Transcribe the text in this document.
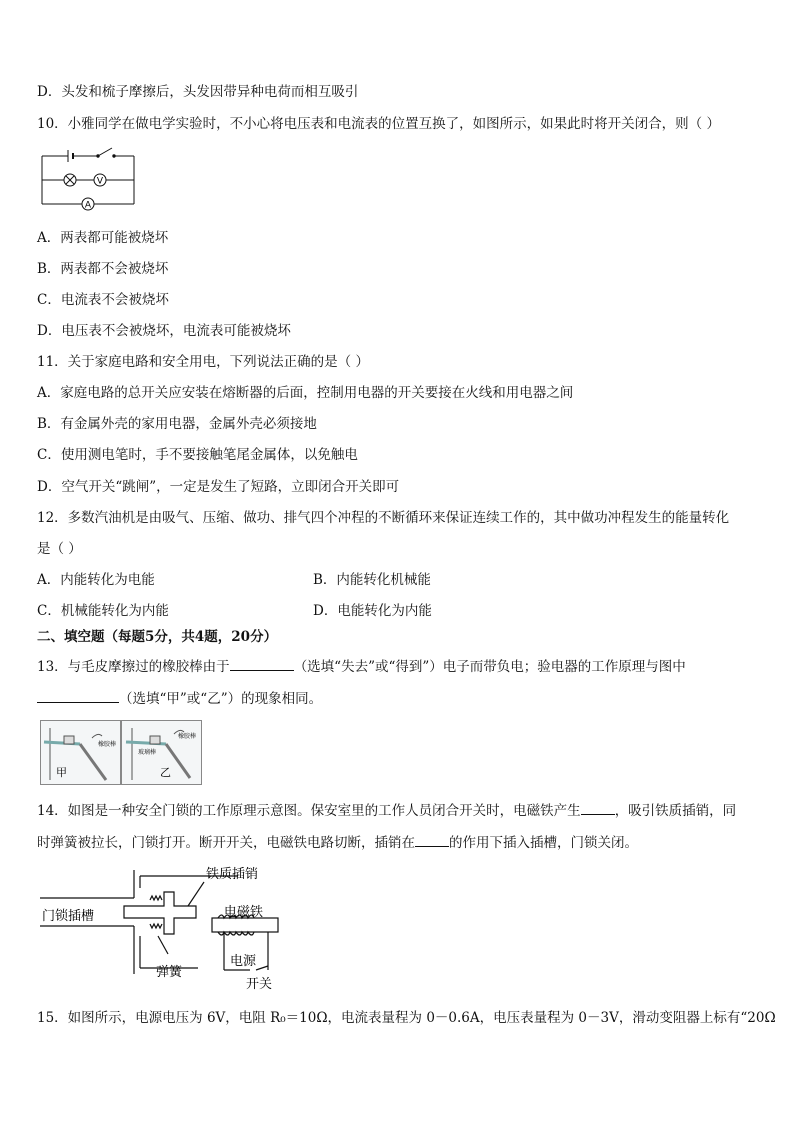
D．头发和梳子摩擦后，头发因带异种电荷而相互吸引
10．小雅同学在做电学实验时，不小心将电压表和电流表的位置互换了，如图所示，如果此时将开关闭合，则（ ）
V
A
A．两表都可能被烧坏
B．两表都不会被烧坏
C．电流表不会被烧坏
D．电压表不会被烧坏，电流表可能被烧坏
11．关于家庭电路和安全用电，下列说法正确的是（ ）
A．家庭电路的总开关应安装在熔断器的后面，控制用电器的开关要接在火线和用电器之间
B．有金属外壳的家用电器，金属外壳必须接地
C．使用测电笔时，手不要接触笔尾金属体，以免触电
D．空气开关“跳闸”，一定是发生了短路，立即闭合开关即可
12．多数汽油机是由吸气、压缩、做功、排气四个冲程的不断循环来保证连续工作的，其中做功冲程发生的能量转化
是（ ）
A．内能转化为电能	B．内能转化机械能
C．机械能转化为内能	D．电能转化为内能
二、填空题（每题5分，共4题，20分）
13．与毛皮摩擦过的橡胶棒由于	（选填“失去”或“得到”）电子而带负电；验电器的工作原理与图中
（选填“甲”或“乙”）的现象相同。
橡胶棒
橡胶棒
玻璃棒
甲	乙
14．如图是一种安全门锁的工作原理示意图。保安室里的工作人员闭合开关时，电磁铁产生	，吸引铁质插销，同
时弹簧被拉长，门锁打开。断开开关，电磁铁电路切断，插销在	的作用下插入插槽，门锁关闭。
铁质插销
门锁插槽	电磁铁
弹簧
电源
开关
15．如图所示，电源电压为 6V，电阻 R₀＝10Ω，电流表量程为 0－0.6A，电压表量程为 0－3V，滑动变阻器上标有“20Ω
